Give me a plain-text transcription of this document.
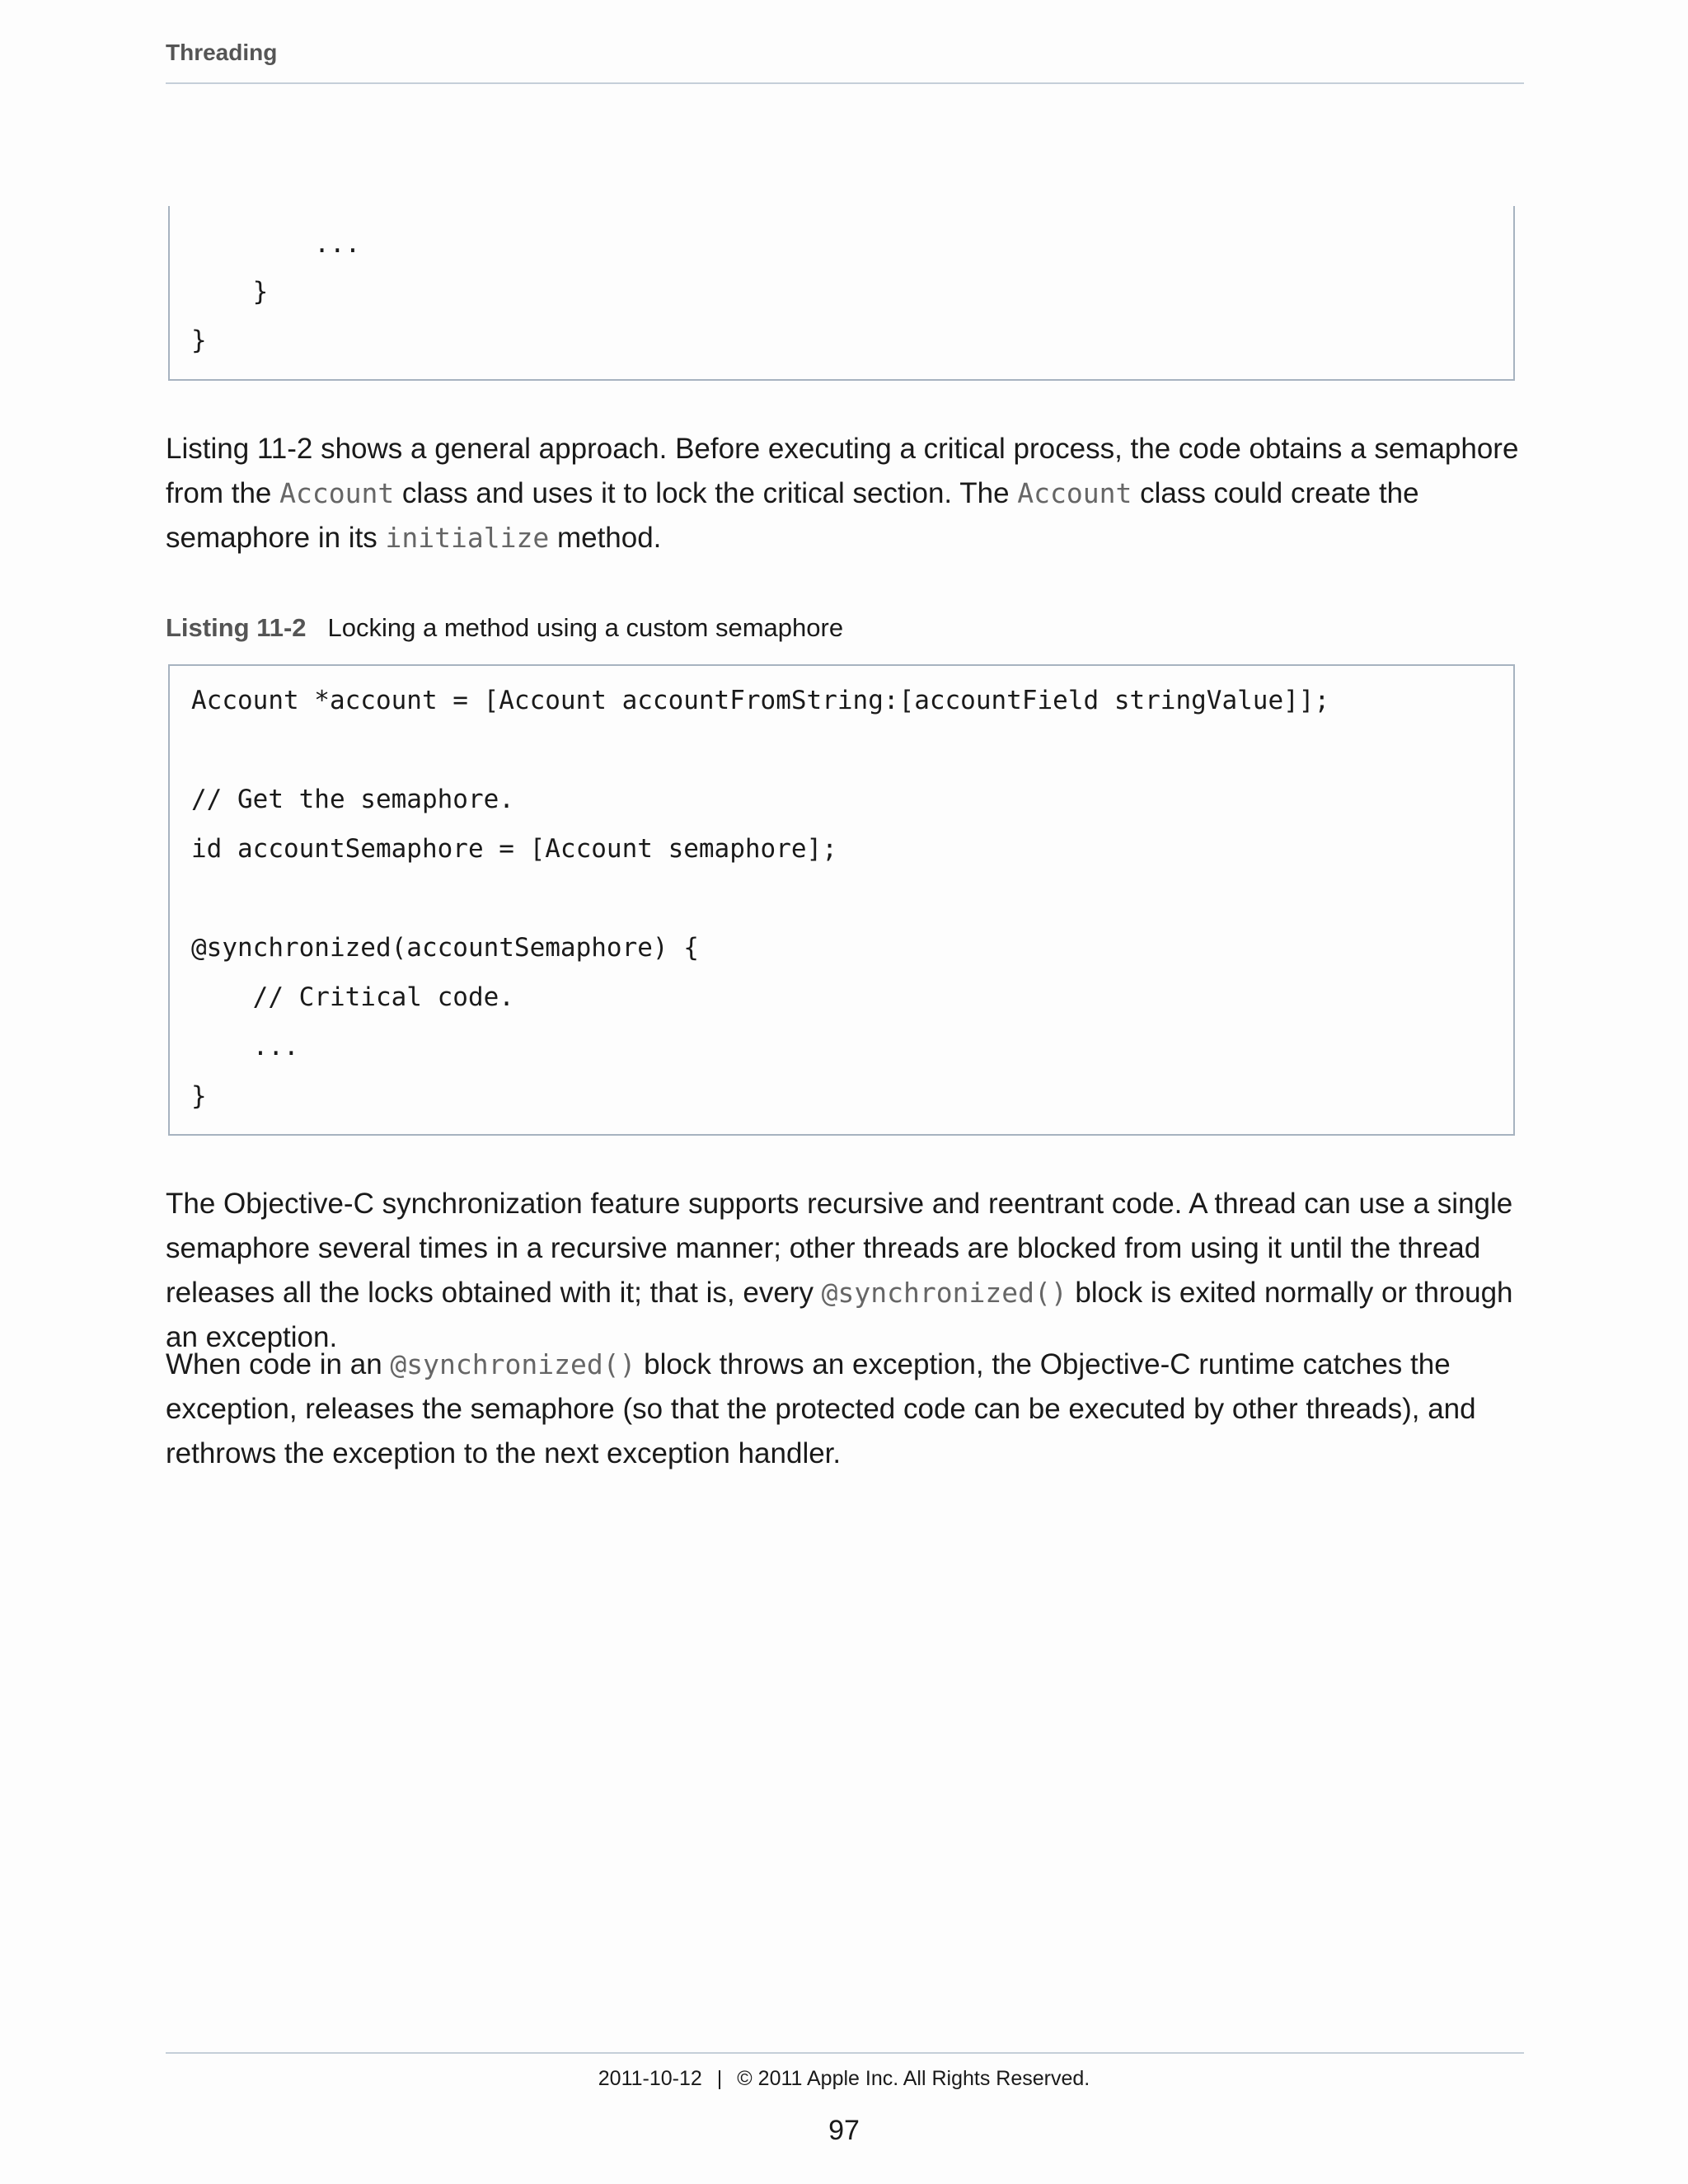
Threading
...
}
}
Listing 11-2 shows a general approach. Before executing a critical process, the code obtains a semaphore from the Account class and uses it to lock the critical section. The Account class could create the semaphore in its initialize method.
Listing 11-2 Locking a method using a custom semaphore
Account *account = [Account accountFromString:[accountField stringValue]];
// Get the semaphore.
id accountSemaphore = [Account semaphore];
@synchronized(accountSemaphore) {
// Critical code.
...
}
The Objective-C synchronization feature supports recursive and reentrant code. A thread can use a single semaphore several times in a recursive manner; other threads are blocked from using it until the thread releases all the locks obtained with it; that is, every @synchronized() block is exited normally or through an exception.
When code in an @synchronized() block throws an exception, the Objective-C runtime catches the exception, releases the semaphore (so that the protected code can be executed by other threads), and rethrows the exception to the next exception handler.
2011-10-12 | © 2011 Apple Inc. All Rights Reserved.
97
